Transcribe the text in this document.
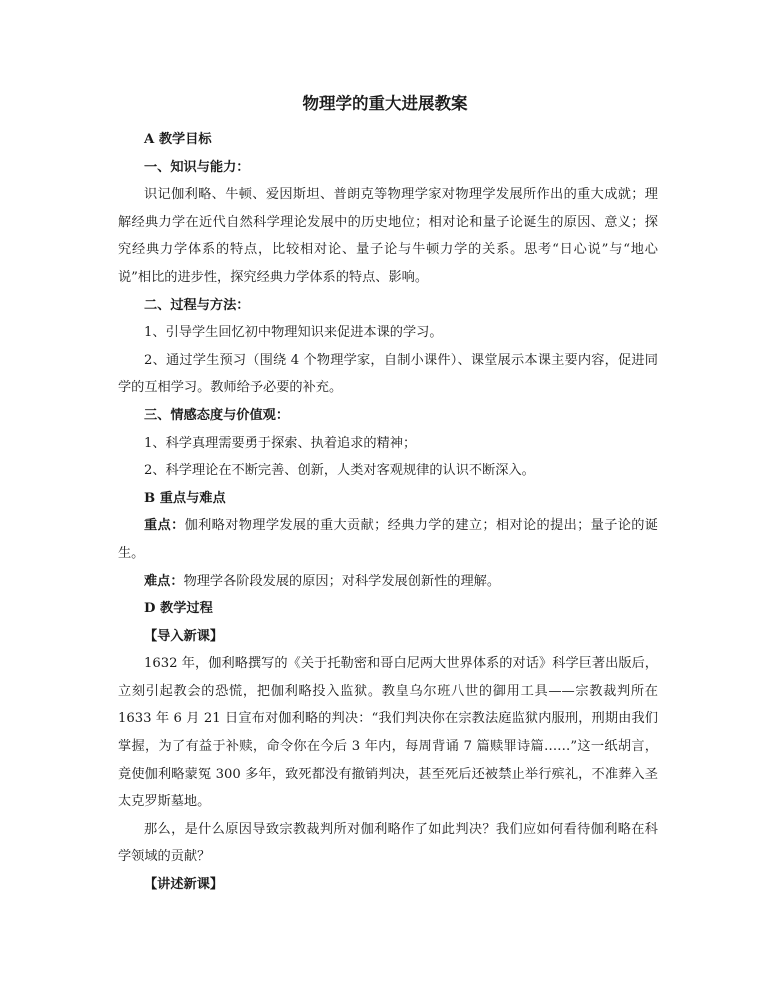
物理学的重大进展教案

A 教学目标

一、知识与能力：

识记伽利略、牛顿、爱因斯坦、普朗克等物理学家对物理学发展所作出的重大成就；理解经典力学在近代自然科学理论发展中的历史地位；相对论和量子论诞生的原因、意义；探究经典力学体系的特点，比较相对论、量子论与牛顿力学的关系。思考“日心说”与“地心说”相比的进步性，探究经典力学体系的特点、影响。

二、过程与方法：

1、引导学生回忆初中物理知识来促进本课的学习。

2、通过学生预习（围绕 4 个物理学家，自制小课件）、课堂展示本课主要内容，促进同学的互相学习。教师给予必要的补充。

三、情感态度与价值观：

1、科学真理需要勇于探索、执着追求的精神；

2、科学理论在不断完善、创新，人类对客观规律的认识不断深入。

B 重点与难点

重点：伽利略对物理学发展的重大贡献；经典力学的建立；相对论的提出；量子论的诞生。

难点：物理学各阶段发展的原因；对科学发展创新性的理解。

D 教学过程

【导入新课】

1632 年，伽利略撰写的《关于托勒密和哥白尼两大世界体系的对话》科学巨著出版后，立刻引起教会的恐慌，把伽利略投入监狱。教皇乌尔班八世的御用工具——宗教裁判所在 1633 年 6 月 21 日宣布对伽利略的判决：“我们判决你在宗教法庭监狱内服刑，刑期由我们掌握，为了有益于补赎，命令你在今后 3 年内，每周背诵 7 篇赎罪诗篇……”这一纸胡言，竟使伽利略蒙冤 300 多年，致死都没有撤销判决，甚至死后还被禁止举行殡礼，不准葬入圣太克罗斯墓地。

那么，是什么原因导致宗教裁判所对伽利略作了如此判决？我们应如何看待伽利略在科学领域的贡献？

【讲述新课】
